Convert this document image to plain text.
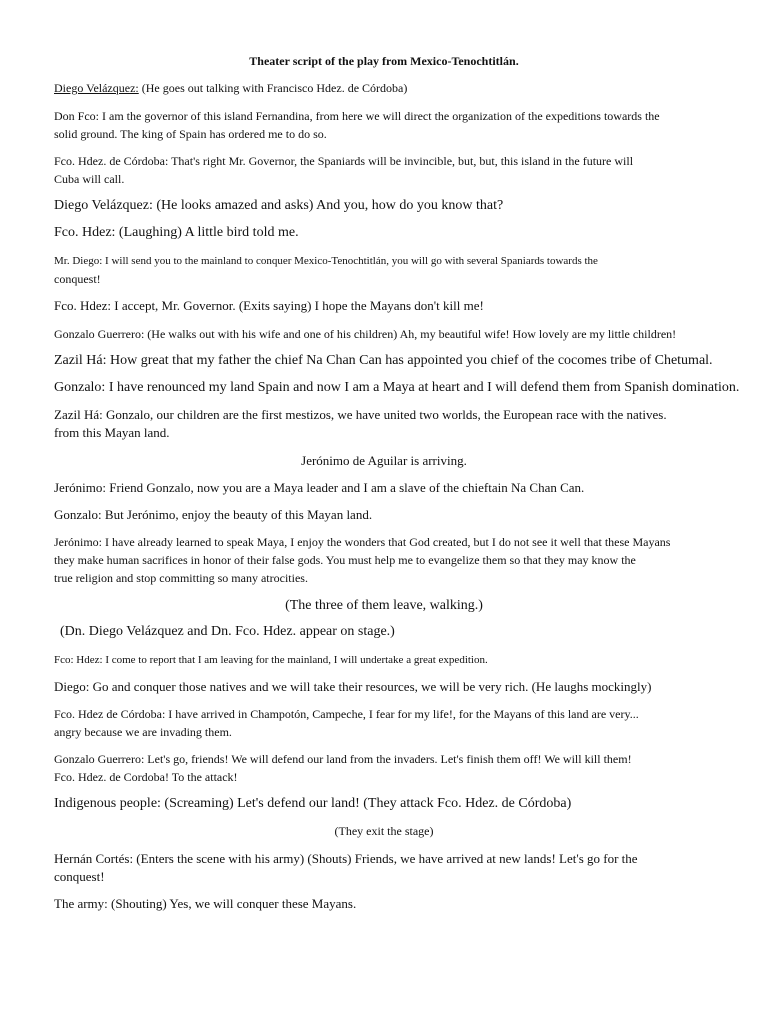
Theater script of the play from Mexico-Tenochtitlán.
Diego Velázquez: (He goes out talking with Francisco Hdez. de Córdoba)
Don Fco: I am the governor of this island Fernandina, from here we will direct the organization of the expeditions towards the
solid ground. The king of Spain has ordered me to do so.
Fco. Hdez. de Córdoba: That's right Mr. Governor, the Spaniards will be invincible, but, but, this island in the future will
Cuba will call.
Diego Velázquez: (He looks amazed and asks) And you, how do you know that?
Fco. Hdez: (Laughing) A little bird told me.
Mr. Diego: I will send you to the mainland to conquer Mexico-Tenochtitlán, you will go with several Spaniards towards the
conquest!
Fco. Hdez: I accept, Mr. Governor. (Exits saying) I hope the Mayans don't kill me!
Gonzalo Guerrero: (He walks out with his wife and one of his children) Ah, my beautiful wife! How lovely are my little children!
Zazil Há: How great that my father the chief Na Chan Can has appointed you chief of the cocomes tribe of Chetumal.
Gonzalo: I have renounced my land Spain and now I am a Maya at heart and I will defend them from Spanish domination.
Zazil Há: Gonzalo, our children are the first mestizos, we have united two worlds, the European race with the natives.
from this Mayan land.
Jerónimo de Aguilar is arriving.
Jerónimo: Friend Gonzalo, now you are a Maya leader and I am a slave of the chieftain Na Chan Can.
Gonzalo: But Jerónimo, enjoy the beauty of this Mayan land.
Jerónimo: I have already learned to speak Maya, I enjoy the wonders that God created, but I do not see it well that these Mayans
they make human sacrifices in honor of their false gods. You must help me to evangelize them so that they may know the
true religion and stop committing so many atrocities.
(The three of them leave, walking.)
(Dn. Diego Velázquez and Dn. Fco. Hdez. appear on stage.)
Fco: Hdez: I come to report that I am leaving for the mainland, I will undertake a great expedition.
Diego: Go and conquer those natives and we will take their resources, we will be very rich. (He laughs mockingly)
Fco. Hdez de Córdoba: I have arrived in Champotón, Campeche, I fear for my life!, for the Mayans of this land are very...
angry because we are invading them.
Gonzalo Guerrero: Let's go, friends! We will defend our land from the invaders. Let's finish them off! We will kill them!
Fco. Hdez. de Cordoba! To the attack!
Indigenous people: (Screaming) Let's defend our land! (They attack Fco. Hdez. de Córdoba)
(They exit the stage)
Hernán Cortés: (Enters the scene with his army) (Shouts) Friends, we have arrived at new lands! Let's go for the
conquest!
The army: (Shouting) Yes, we will conquer these Mayans.
